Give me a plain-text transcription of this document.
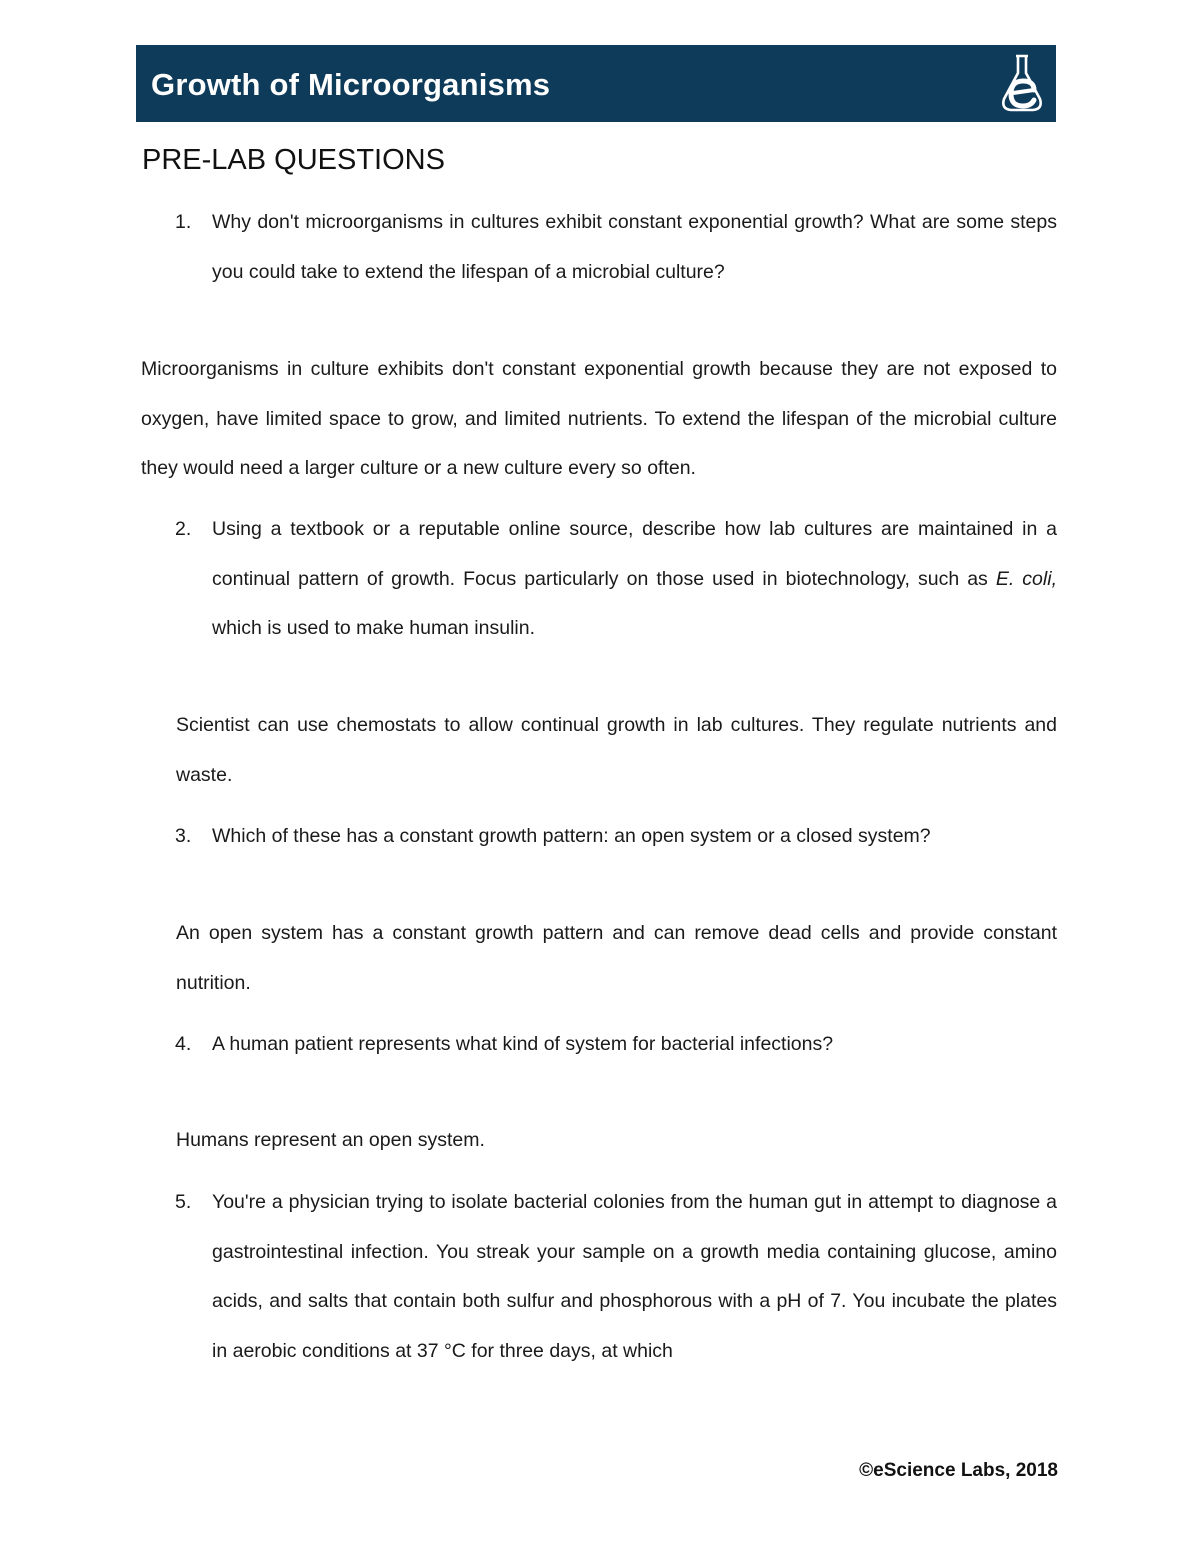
Growth of Microorganisms
PRE-LAB QUESTIONS
1. Why don't microorganisms in cultures exhibit constant exponential growth? What are some steps you could take to extend the lifespan of a microbial culture?
Microorganisms in culture exhibits don't constant exponential growth because they are not exposed to oxygen, have limited space to grow, and limited nutrients. To extend the lifespan of the microbial culture they would need a larger culture or a new culture every so often.
2. Using a textbook or a reputable online source, describe how lab cultures are maintained in a continual pattern of growth. Focus particularly on those used in biotechnology, such as E. coli, which is used to make human insulin.
Scientist can use chemostats to allow continual growth in lab cultures. They regulate nutrients and waste.
3. Which of these has a constant growth pattern: an open system or a closed system?
An open system has a constant growth pattern and can remove dead cells and provide constant nutrition.
4. A human patient represents what kind of system for bacterial infections?
Humans represent an open system.
5. You're a physician trying to isolate bacterial colonies from the human gut in attempt to diagnose a gastrointestinal infection. You streak your sample on a growth media containing glucose, amino acids, and salts that contain both sulfur and phosphorous with a pH of 7. You incubate the plates in aerobic conditions at 37 °C for three days, at which
©eScience Labs, 2018
